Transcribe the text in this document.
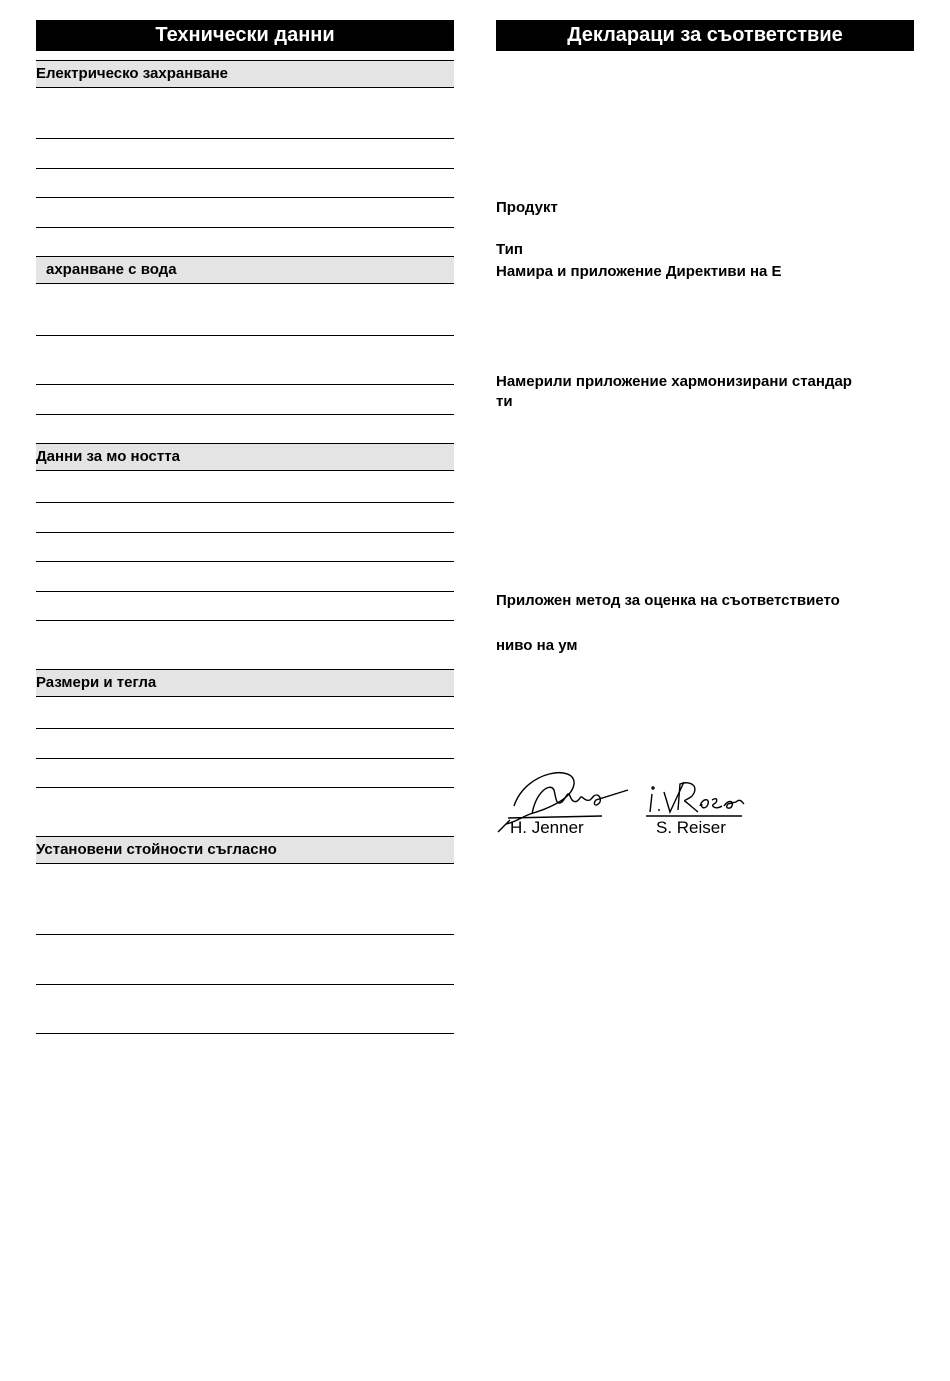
Технически данни
Електрическо захранване
ахранване с вода
Данни за мо ността
Размери и тегла
Установени стойности съгласно
Деклараци за съответствие
Продукт
Тип
Намира и приложение Директиви на Е
Намерили приложение хармонизирани стандар
ти
Приложен метод за оценка на съответствието
ниво на ум
H. Jenner	S. Reiser
